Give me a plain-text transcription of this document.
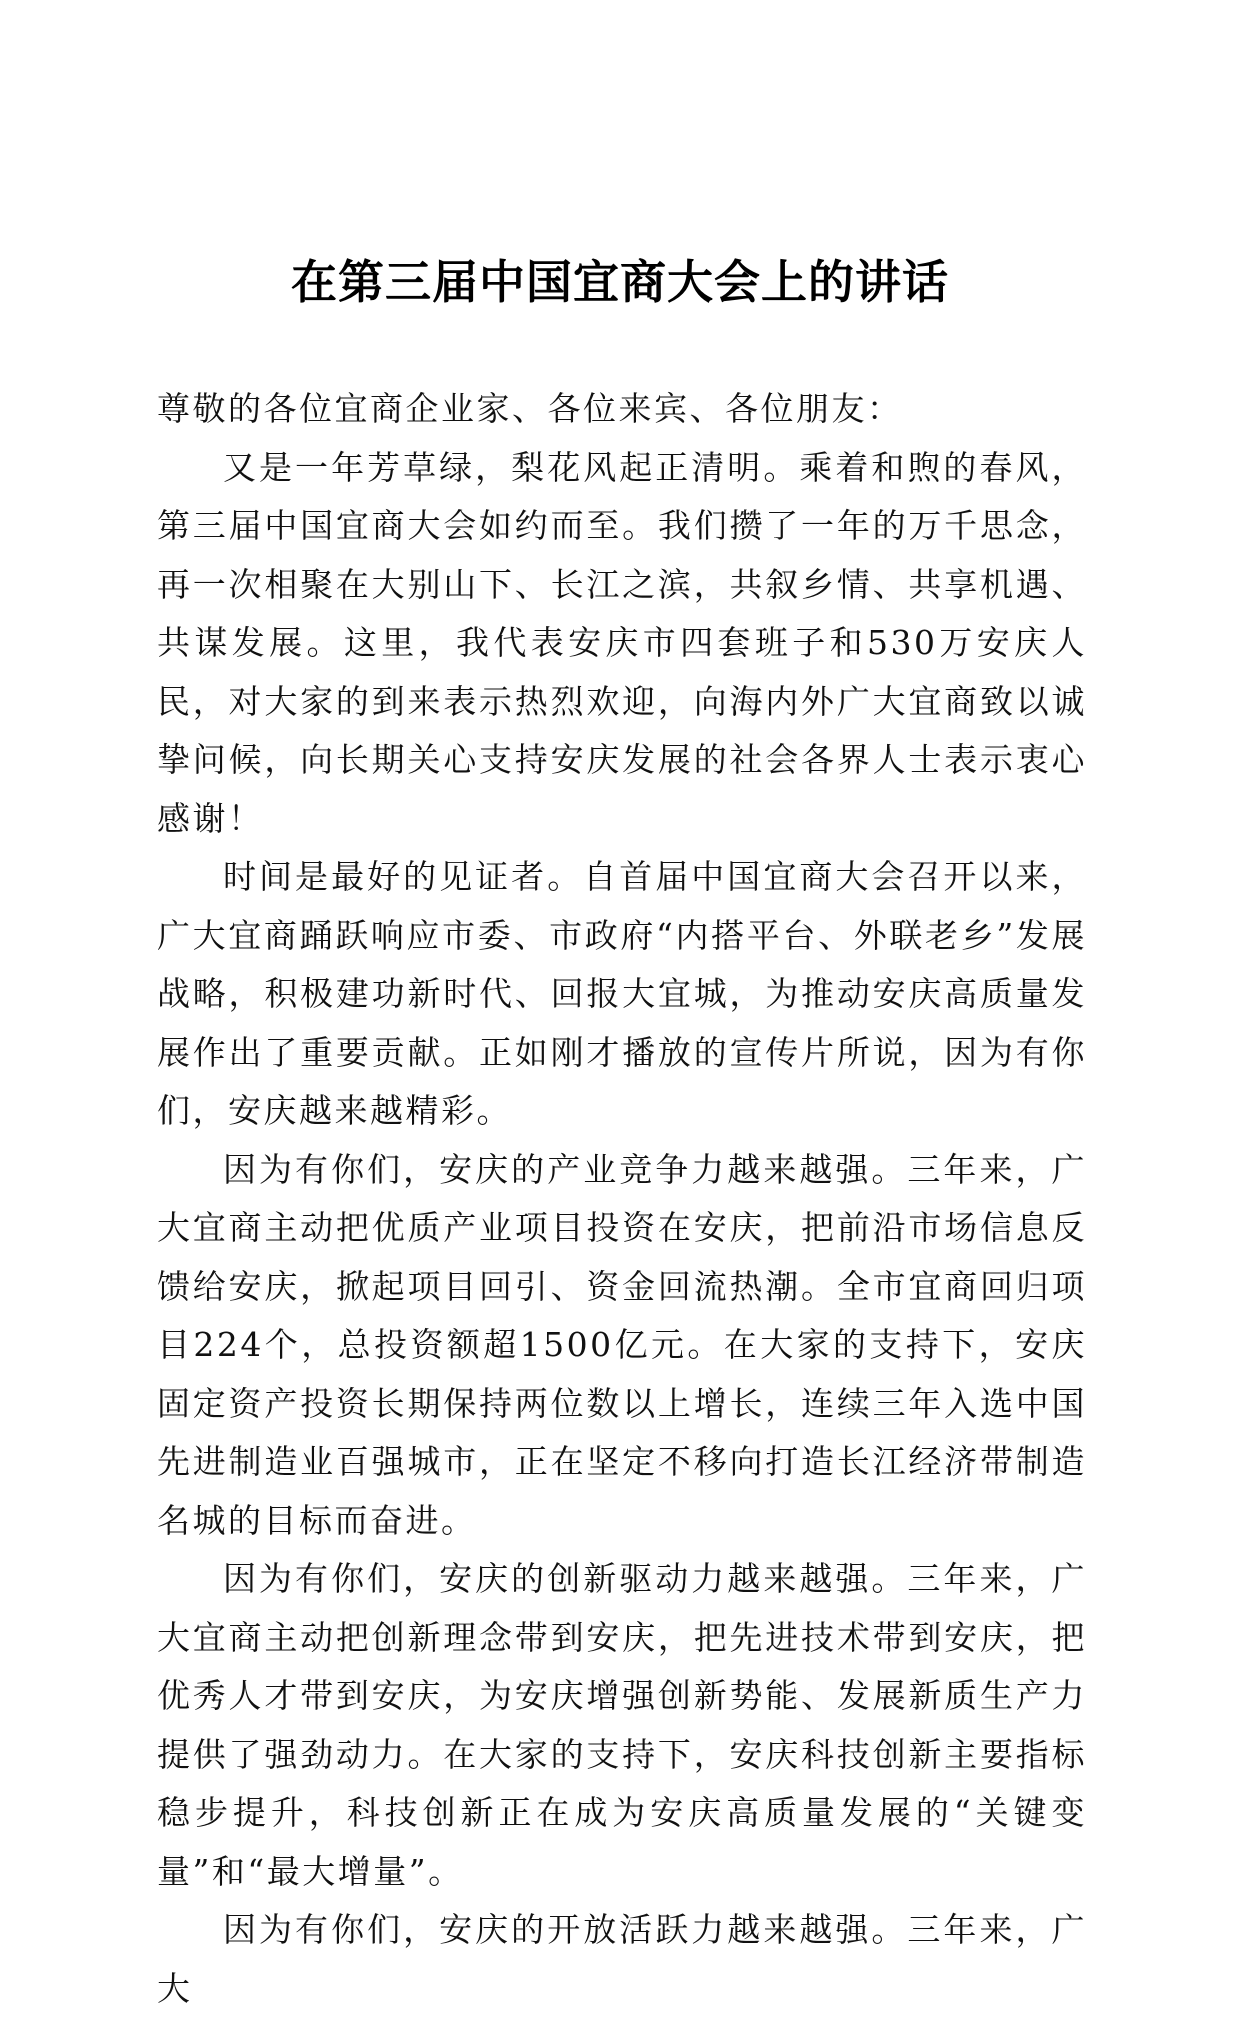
在第三届中国宜商大会上的讲话

尊敬的各位宜商企业家、各位来宾、各位朋友：

又是一年芳草绿，梨花风起正清明。乘着和煦的春风，第三届中国宜商大会如约而至。我们攒了一年的万千思念，再一次相聚在大别山下、长江之滨，共叙乡情、共享机遇、共谋发展。这里，我代表安庆市四套班子和530万安庆人民，对大家的到来表示热烈欢迎，向海内外广大宜商致以诚挚问候，向长期关心支持安庆发展的社会各界人士表示衷心感谢！

时间是最好的见证者。自首届中国宜商大会召开以来，广大宜商踊跃响应市委、市政府“内搭平台、外联老乡”发展战略，积极建功新时代、回报大宜城，为推动安庆高质量发展作出了重要贡献。正如刚才播放的宣传片所说，因为有你们，安庆越来越精彩。

因为有你们，安庆的产业竞争力越来越强。三年来，广大宜商主动把优质产业项目投资在安庆，把前沿市场信息反馈给安庆，掀起项目回引、资金回流热潮。全市宜商回归项目224个，总投资额超1500亿元。在大家的支持下，安庆固定资产投资长期保持两位数以上增长，连续三年入选中国先进制造业百强城市，正在坚定不移向打造长江经济带制造名城的目标而奋进。

因为有你们，安庆的创新驱动力越来越强。三年来，广大宜商主动把创新理念带到安庆，把先进技术带到安庆，把优秀人才带到安庆，为安庆增强创新势能、发展新质生产力提供了强劲动力。在大家的支持下，安庆科技创新主要指标稳步提升，科技创新正在成为安庆高质量发展的“关键变量”和“最大增量”。

因为有你们，安庆的开放活跃力越来越强。三年来，广大
